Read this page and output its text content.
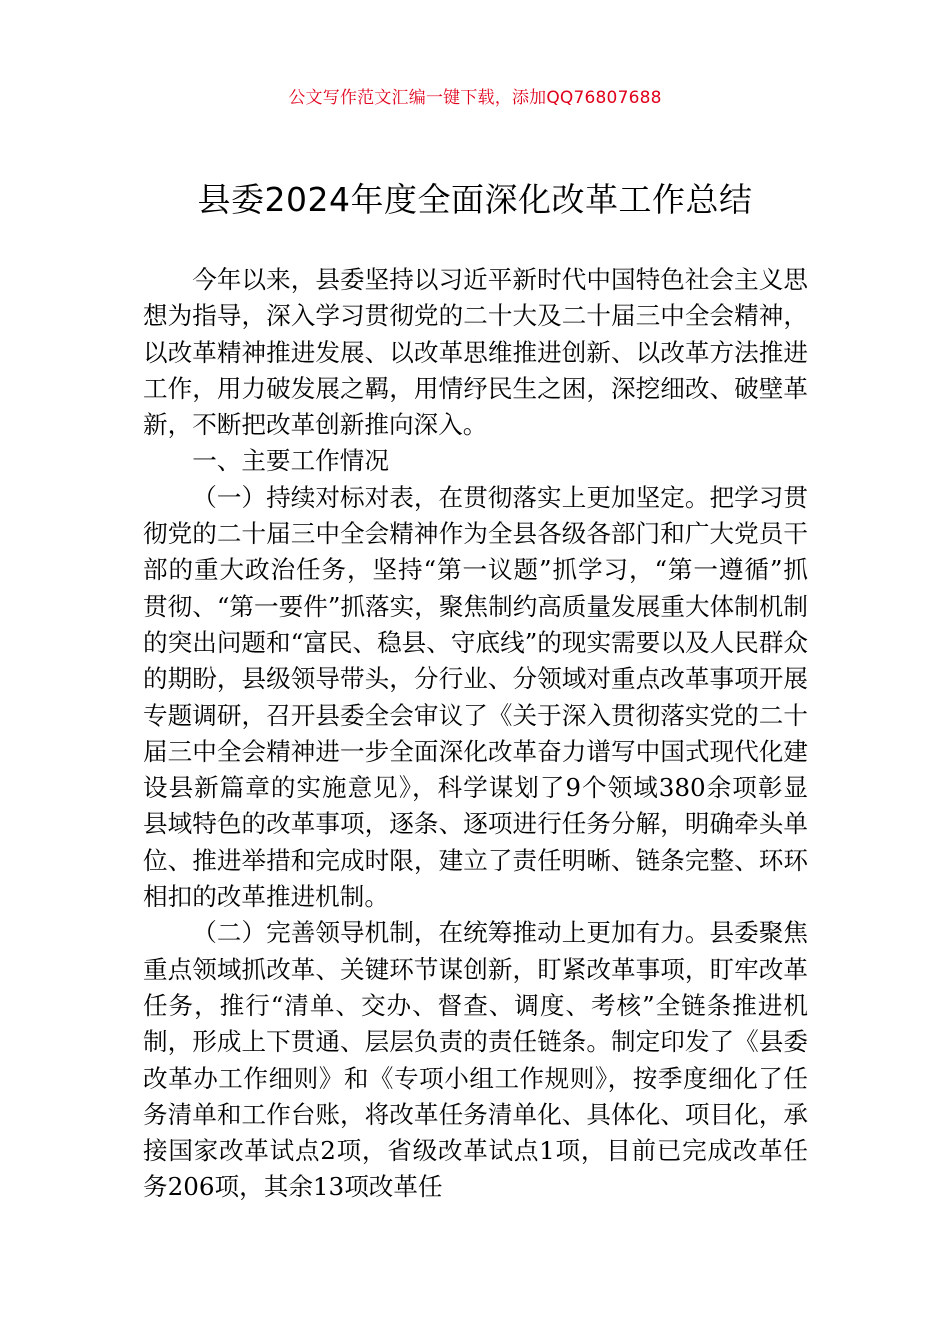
公文写作范文汇编一键下载，添加QQ76807688
县委2024年度全面深化改革工作总结

今年以来，县委坚持以习近平新时代中国特色社会主义思想为指导，深入学习贯彻党的二十大及二十届三中全会精神，以改革精神推进发展、以改革思维推进创新、以改革方法推进工作，用力破发展之羁，用情纾民生之困，深挖细改、破壁革新，不断把改革创新推向深入。

一、主要工作情况

（一）持续对标对表，在贯彻落实上更加坚定。把学习贯彻党的二十届三中全会精神作为全县各级各部门和广大党员干部的重大政治任务，坚持“第一议题”抓学习，“第一遵循”抓贯彻、“第一要件”抓落实，聚焦制约高质量发展重大体制机制的突出问题和“富民、稳县、守底线”的现实需要以及人民群众的期盼，县级领导带头，分行业、分领域对重点改革事项开展专题调研，召开县委全会审议了《关于深入贯彻落实党的二十届三中全会精神进一步全面深化改革奋力谱写中国式现代化建设县新篇章的实施意见》，科学谋划了9个领域380余项彰显县域特色的改革事项，逐条、逐项进行任务分解，明确牵头单位、推进举措和完成时限，建立了责任明晰、链条完整、环环相扣的改革推进机制。

（二）完善领导机制，在统筹推动上更加有力。县委聚焦重点领域抓改革、关键环节谋创新，盯紧改革事项，盯牢改革任务，推行“清单、交办、督查、调度、考核”全链条推进机制，形成上下贯通、层层负责的责任链条。制定印发了《县委改革办工作细则》和《专项小组工作规则》，按季度细化了任务清单和工作台账，将改革任务清单化、具体化、项目化，承接国家改革试点2项，省级改革试点1项，目前已完成改革任务206项，其余13项改革任
